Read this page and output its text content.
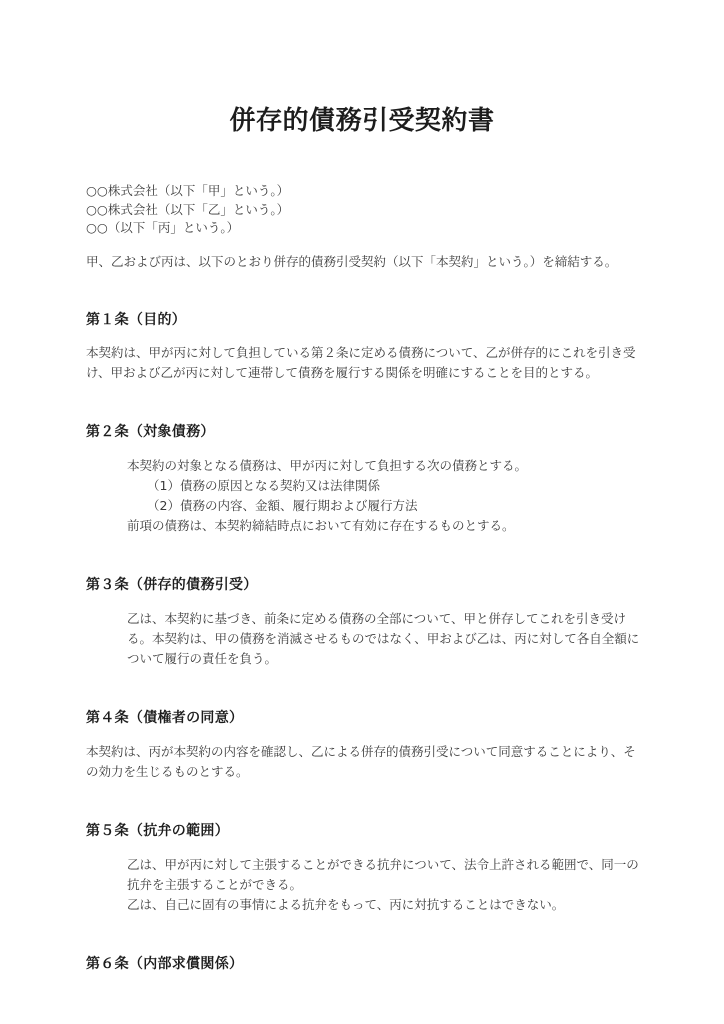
併存的債務引受契約書
○○株式会社（以下「甲」という。）
○○株式会社（以下「乙」という。）
○○（以下「丙」という。）

甲、乙および丙は、以下のとおり併存的債務引受契約（以下「本契約」という。）を締結する。

第１条（目的）

本契約は、甲が丙に対して負担している第２条に定める債務について、乙が併存的にこれを引き受け、甲および乙が丙に対して連帯して債務を履行する関係を明確にすることを目的とする。

第２条（対象債務）

本契約の対象となる債務は、甲が丙に対して負担する次の債務とする。

（1）債務の原因となる契約又は法律関係
（2）債務の内容、金額、履行期および履行方法

前項の債務は、本契約締結時点において有効に存在するものとする。

第３条（併存的債務引受）

乙は、本契約に基づき、前条に定める債務の全部について、甲と併存してこれを引き受ける。本契約は、甲の債務を消滅させるものではなく、甲および乙は、丙に対して各自全額について履行の責任を負う。

第４条（債権者の同意）

本契約は、丙が本契約の内容を確認し、乙による併存的債務引受について同意することにより、その効力を生じるものとする。

第５条（抗弁の範囲）

乙は、甲が丙に対して主張することができる抗弁について、法令上許される範囲で、同一の抗弁を主張することができる。

乙は、自己に固有の事情による抗弁をもって、丙に対抗することはできない。

第６条（内部求償関係）
